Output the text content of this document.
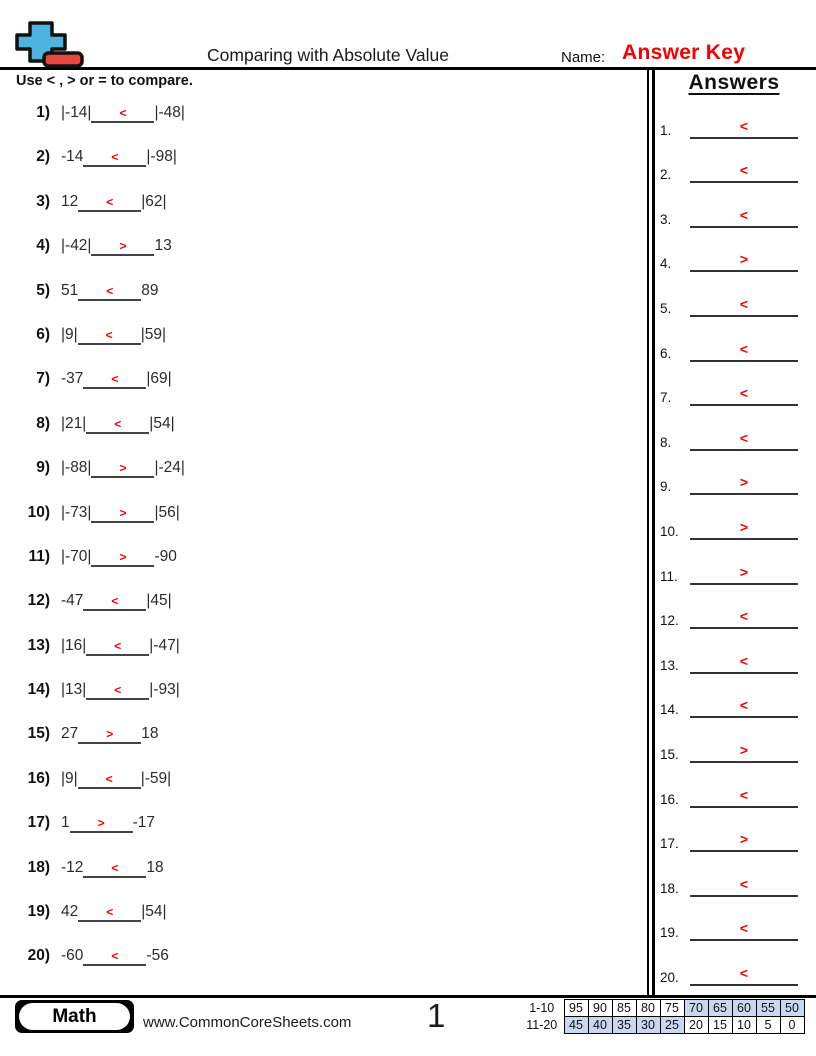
Comparing with Absolute Value	Name: Answer Key
Use < , > or = to compare.
1) |-14| < |-48|
2) -14 < |-98|
3) 12 < |62|
4) |-42| > 13
5) 51 < 89
6) |9| < |59|
7) -37 < |69|
8) |21| < |54|
9) |-88| > |-24|
10) |-73| > |56|
11) |-70| > -90
12) -47 < |45|
13) |16| < |-47|
14) |13| < |-93|
15) 27 > 18
16) |9| < |-59|
17) 1 > -17
18) -12 < 18
19) 42 < |54|
20) -60 < -56
Answers
1.	<
2.	<
3.	<
4.	>
5.	<
6.	<
7.	<
8.	<
9.	>
10.	>
11.	>
12.	<
13.	<
14.	<
15.	>
16.	<
17.	>
18.	<
19.	<
20.	<
Math	www.CommonCoreSheets.com 1	1-10	95	90	85	80	75	70	65	60	55	50
11-20	45	40	35	30	25	20	15	10	5	0
